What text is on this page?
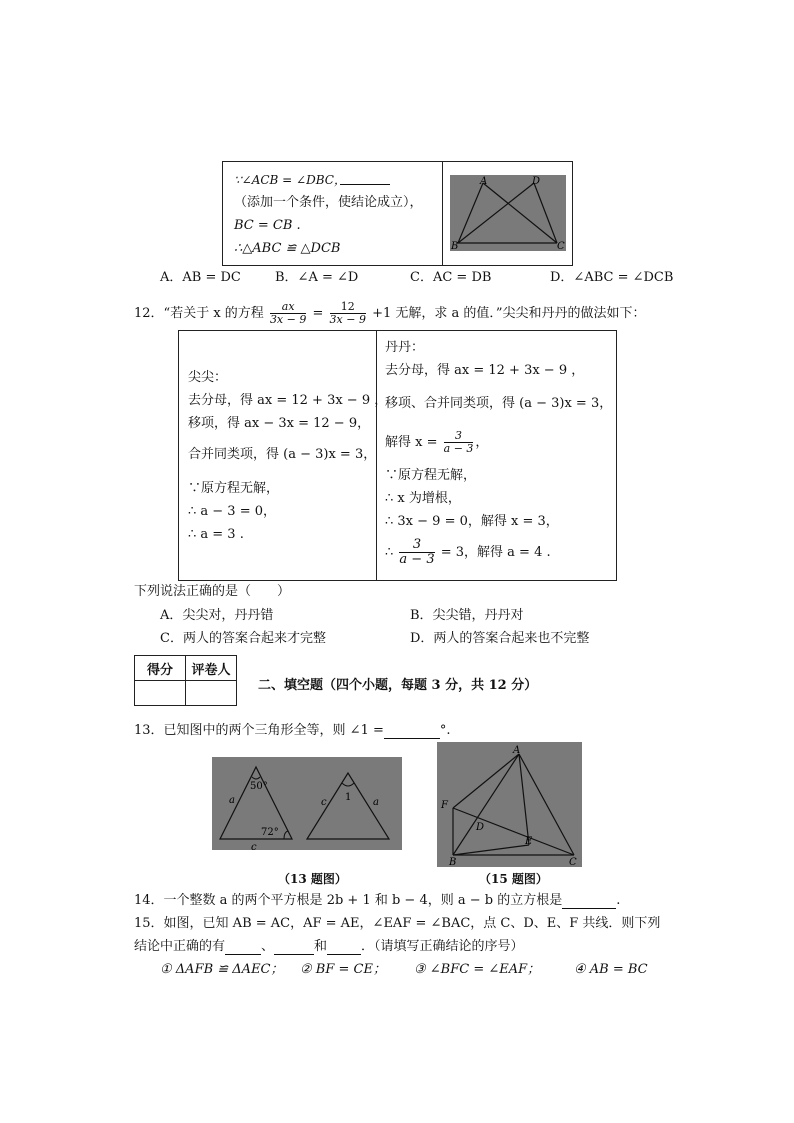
∵∠ACB = ∠DBC，
（添加一个条件，使结论成立），
BC = CB .
∴△ABC ≌ △DCB
A	D
B	C
A．AB = DC	B．∠A = ∠D	C．AC = DB	D．∠ABC = ∠DCB
12．“若关于 x 的方程 $\frac{ax}{3x - 9} = \frac{12}{3x - 9} +1$ 无解，求 a 的值．”尖尖和丹丹的做法如下：
尖尖：
去分母，得 ax = 12 + 3x − 9 ，
移项，得 ax − 3x = 12 − 9，
合并同类项，得 (a − 3)x = 3，
∵原方程无解，
∴ a − 3 = 0，
∴ a = 3 .
丹丹：
去分母，得 ax = 12 + 3x − 9 ，
移项、合并同类项，得 (a − 3)x = 3，
解得 $x = \frac{3}{a - 3}$ ，
∵原方程无解，
∴ x 为增根，
∴ 3x − 9 = 0，解得 x = 3，
∴ $\frac{3}{a - 3} = 3$，解得 a = 4 .
下列说法正确的是（　　）
A．尖尖对，丹丹错	B．尖尖错，丹丹对
C．两人的答案合起来才完整	D．两人的答案合起来也不完整
得分	评卷人

二、填空题（四个小题，每题 3 分，共 12 分）
13．已知图中的两个三角形全等，则 ∠1 =	°.
50°
72°
a
c
c 1 a
（13 题图）
A
F
D
E
B	C
（15 题图）
14．一个整数 a 的两个平方根是 2b + 1 和 b − 4，则 a − b 的立方根是	.
15．如图，已知 AB = AC，AF = AE，∠EAF = ∠BAC，点 C、D、E、F 共线．则下列
结论中正确的有	、	和	．（请填写正确结论的序号）
① ΔAFB ≌ ΔAEC； ② BF = CE； ③ ∠BFC = ∠EAF；	④ AB = BC
